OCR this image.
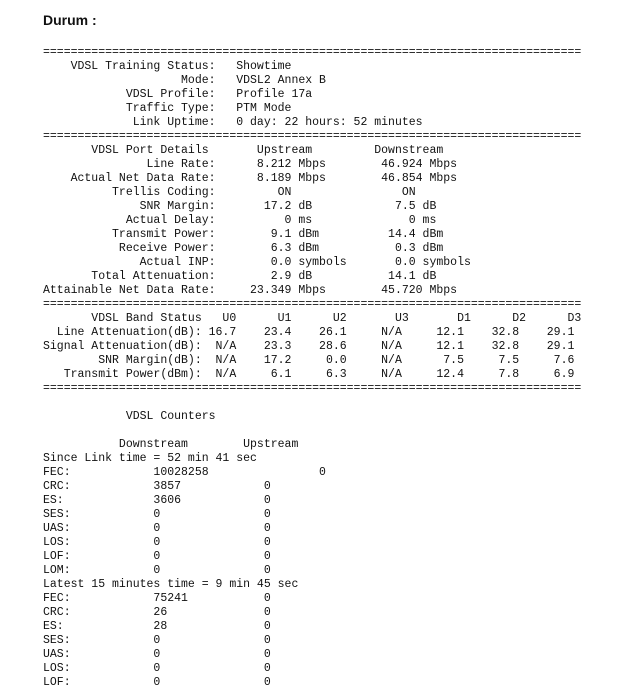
Durum :
==============================================================================
VDSL Training Status:   Showtime
Mode:   VDSL2 Annex B
VDSL Profile:   Profile 17a
Traffic Type:   PTM Mode
Link Uptime:   0 day: 22 hours: 52 minutes
==============================================================================
VDSL Port Details       Upstream         Downstream
Line Rate:      8.212 Mbps        46.924 Mbps
Actual Net Data Rate:      8.189 Mbps        46.854 Mbps
Trellis Coding:         ON                ON
SNR Margin:       17.2 dB            7.5 dB
Actual Delay:          0 ms              0 ms
Transmit Power:        9.1 dBm          14.4 dBm
Receive Power:        6.3 dBm           0.3 dBm
Actual INP:        0.0 symbols       0.0 symbols
Total Attenuation:        2.9 dB           14.1 dB
Attainable Net Data Rate:     23.349 Mbps        45.720 Mbps
==============================================================================
VDSL Band Status   U0      U1      U2       U3       D1      D2      D3
Line Attenuation(dB): 16.7    23.4    26.1     N/A     12.1    32.8    29.1
Signal Attenuation(dB):  N/A    23.3    28.6     N/A     12.1    32.8    29.1
SNR Margin(dB):  N/A    17.2     0.0     N/A      7.5     7.5     7.6
Transmit Power(dBm):  N/A     6.1     6.3     N/A     12.4     7.8     6.9
==============================================================================

VDSL Counters

Downstream        Upstream
Since Link time = 52 min 41 sec
FEC:            10028258                0
CRC:            3857            0
ES:             3606            0
SES:            0               0
UAS:            0               0
LOS:            0               0
LOF:            0               0
LOM:            0               0
Latest 15 minutes time = 9 min 45 sec
FEC:            75241           0
CRC:            26              0
ES:             28              0
SES:            0               0
UAS:            0               0
LOS:            0               0
LOF:            0               0
